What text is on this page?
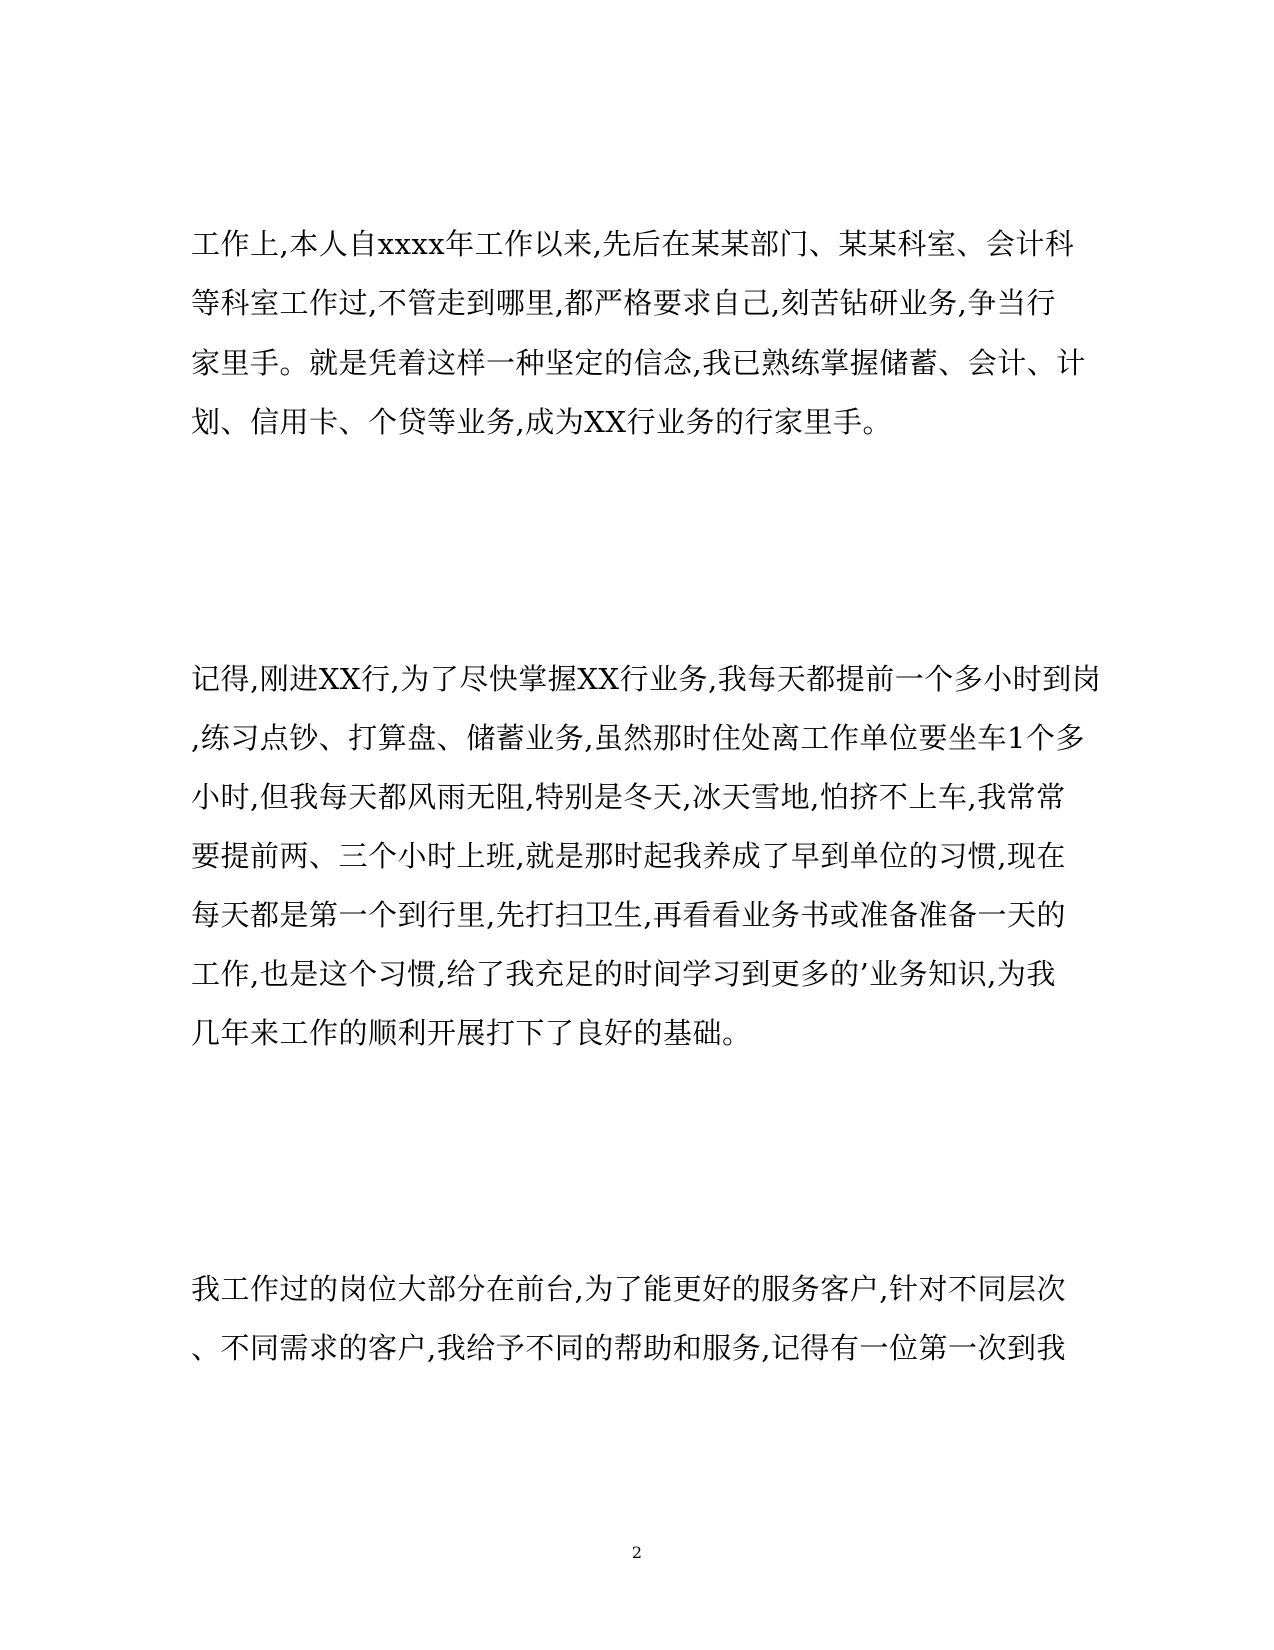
工作上,本人自xxxx年工作以来,先后在某某部门、某某科室、会计科
等科室工作过,不管走到哪里,都严格要求自己,刻苦钻研业务,争当行
家里手。就是凭着这样一种坚定的信念,我已熟练掌握储蓄、会计、计
划、信用卡、个贷等业务,成为XX行业务的行家里手。
记得,刚进XX行,为了尽快掌握XX行业务,我每天都提前一个多小时到岗
,练习点钞、打算盘、储蓄业务,虽然那时住处离工作单位要坐车1个多
小时,但我每天都风雨无阻,特别是冬天,冰天雪地,怕挤不上车,我常常
要提前两、三个小时上班,就是那时起我养成了早到单位的习惯,现在
每天都是第一个到行里,先打扫卫生,再看看业务书或准备准备一天的
工作,也是这个习惯,给了我充足的时间学习到更多的’业务知识,为我
几年来工作的顺利开展打下了良好的基础。
我工作过的岗位大部分在前台,为了能更好的服务客户,针对不同层次
、不同需求的客户,我给予不同的帮助和服务,记得有一位第一次到我
2
